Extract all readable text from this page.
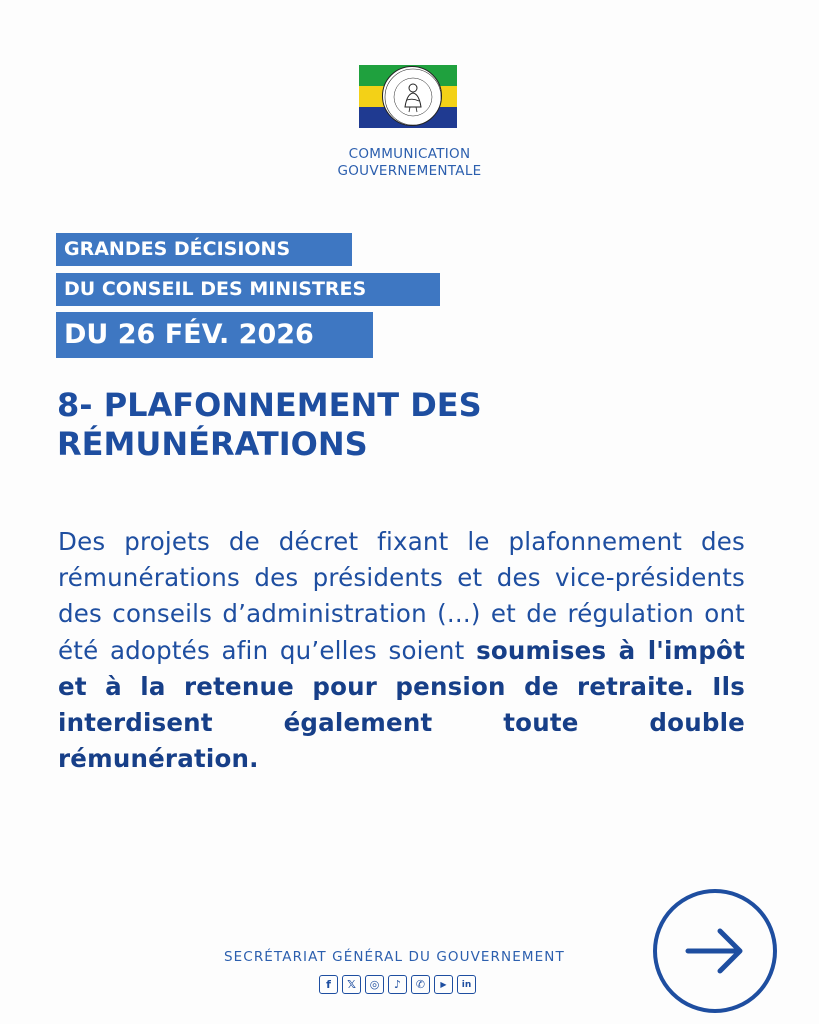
COMMUNICATION
GOUVERNEMENTALE
GRANDES DÉCISIONS
DU CONSEIL DES MINISTRES
DU 26 FÉV. 2026
8- PLAFONNEMENT DES
RÉMUNÉRATIONS
Des projets de décret fixant le plafonnement des rémunérations des présidents et des vice-présidents des conseils d’administration (...) et de régulation ont été adoptés afin qu’elles soient soumises à l'impôt et à la retenue pour pension de retraite. Ils interdisent également toute double rémunération.
SECRÉTARIAT GÉNÉRAL DU GOUVERNEMENT
f	𝕏	◎	♪	✆	▶	in
